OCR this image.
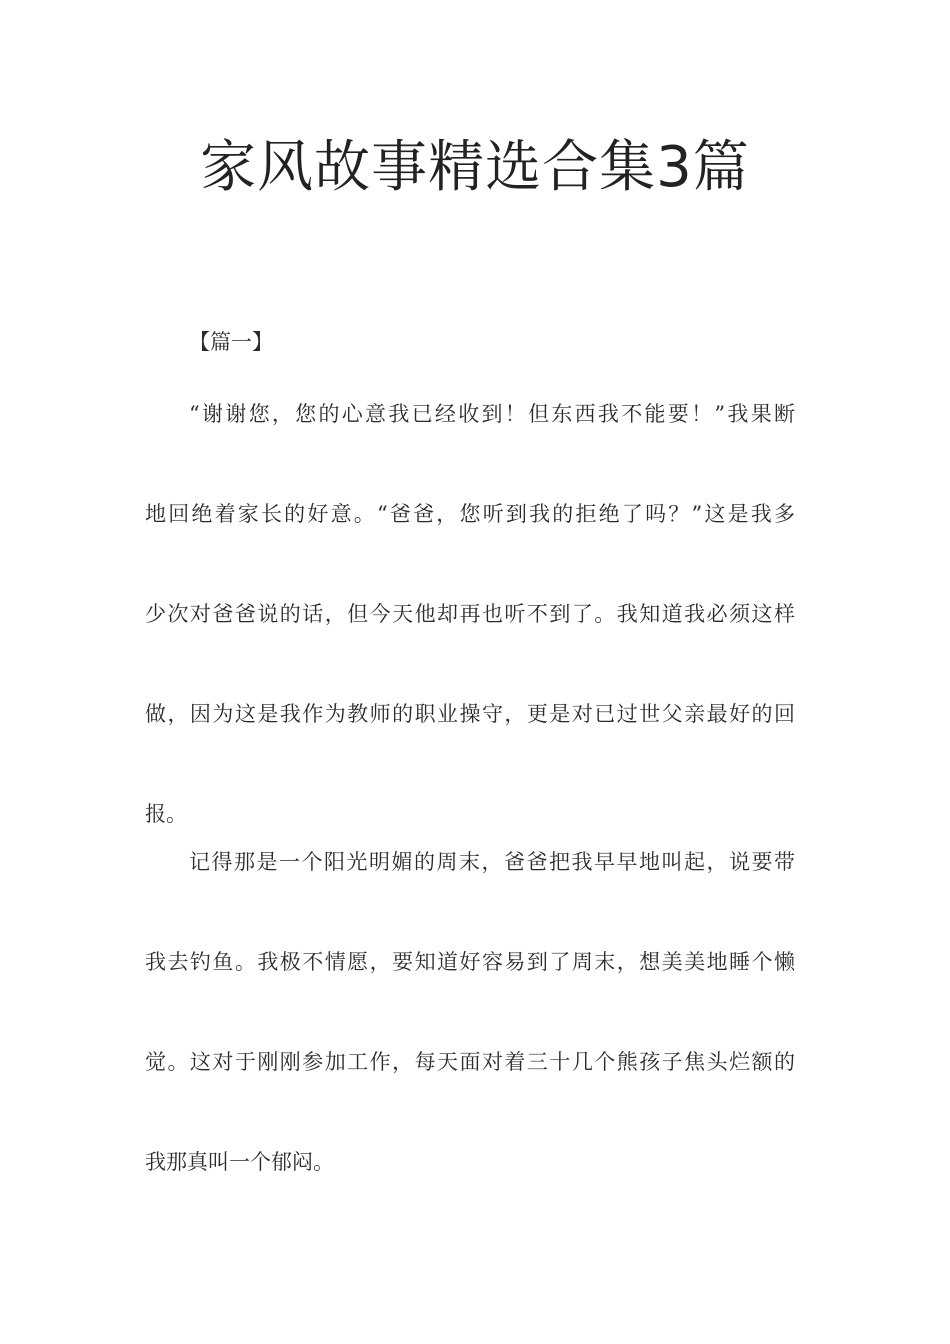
家风故事精选合集3篇

【篇一】

“谢谢您，您的心意我已经收到！但东西我不能要！”我果断
地回绝着家长的好意。“爸爸，您听到我的拒绝了吗？”这是我多
少次对爸爸说的话，但今天他却再也听不到了。我知道我必须这样
做，因为这是我作为教师的职业操守，更是对已过世父亲最好的回
报。
记得那是一个阳光明媚的周末，爸爸把我早早地叫起，说要带
我去钓鱼。我极不情愿，要知道好容易到了周末，想美美地睡个懒
觉。这对于刚刚参加工作，每天面对着三十几个熊孩子焦头烂额的
我那真叫一个郁闷。
